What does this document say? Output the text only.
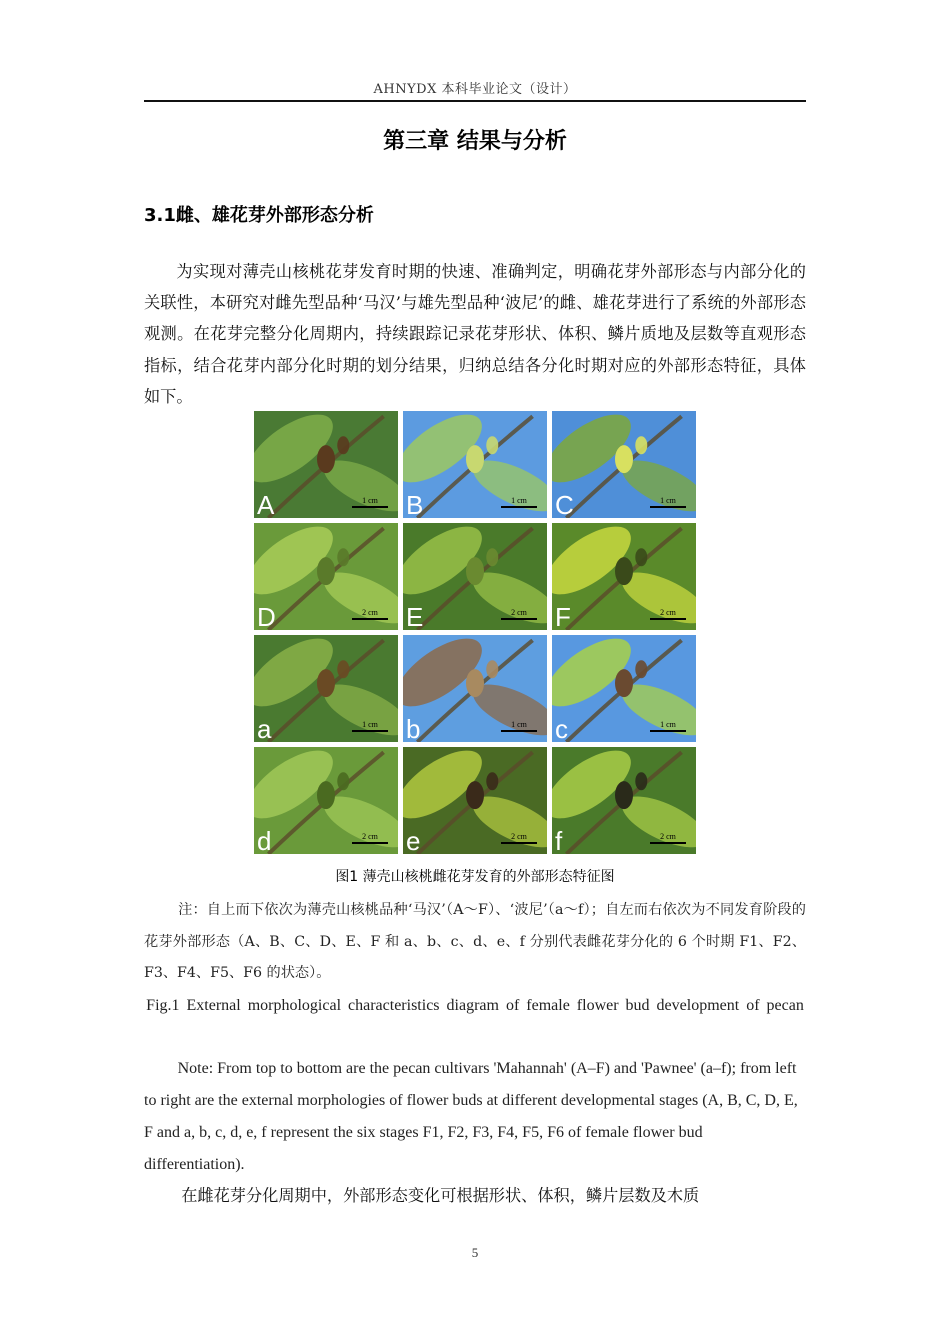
AHNYDX 本科毕业论文（设计）
第三章 结果与分析
3.1雌、雄花芽外部形态分析

为实现对薄壳山核桃花芽发育时期的快速、准确判定，明确花芽外部形态与内部分化的关联性，本研究对雌先型品种‘马汉’与雄先型品种‘波尼’的雌、雄花芽进行了系统的外部形态观测。在花芽完整分化周期内，持续跟踪记录花芽形状、体积、鳞片质地及层数等直观形态指标，结合花芽内部分化时期的划分结果，归纳总结各分化时期对应的外部形态特征，具体如下。

A	1 cm	B	1 cm	C	1 cm
D	2 cm	E	2 cm	F	2 cm
a	1 cm	b	1 cm	c	1 cm
d	2 cm	e	2 cm	f	2 cm
图1 薄壳山核桃雌花芽发育的外部形态特征图

注：自上而下依次为薄壳山核桃品种‘马汉’（A～F）、‘波尼’（a～f）；自左而右依次为不同发育阶段的花芽外部形态（A、B、C、D、E、F 和 a、b、c、d、e、f 分别代表雌花芽分化的 6 个时期 F1、F2、F3、F4、F5、F6 的状态）。

Fig.1 External morphological characteristics diagram of female flower bud development of pecan

Note: From top to bottom are the pecan cultivars 'Mahannah' (A–F) and 'Pawnee' (a–f); from left to right are the external morphologies of flower buds at different developmental stages (A, B, C, D, E, F and a, b, c, d, e, f represent the six stages F1, F2, F3, F4, F5, F6 of female flower bud differentiation).

在雌花芽分化周期中，外部形态变化可根据形状、体积，鳞片层数及木质

5
